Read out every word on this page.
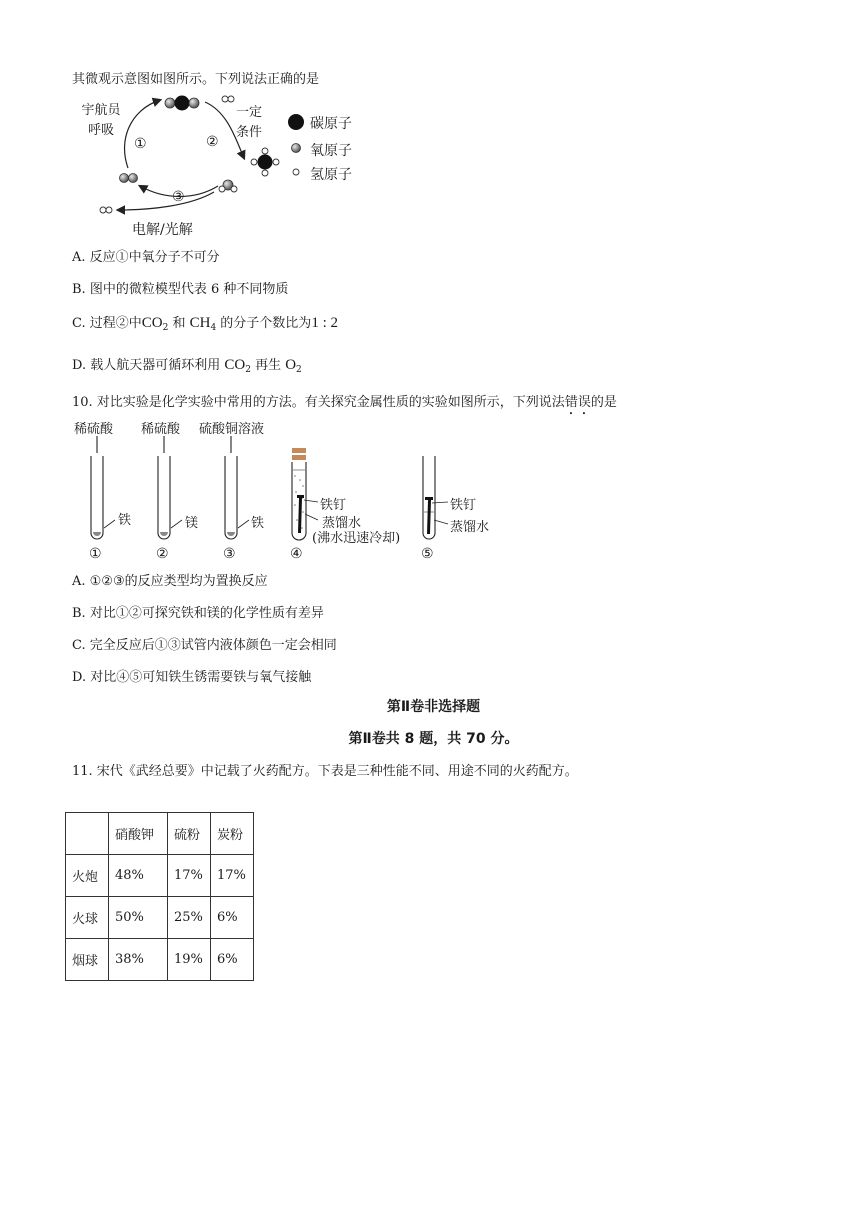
其微观示意图如图所示。下列说法正确的是
宇航员
呼吸
一定
条件
①	②
③
电解/光解
碳原子
氧原子
氢原子
A. 反应①中氧分子不可分
B. 图中的微粒模型代表 6 种不同物质
C. 过程②中$CO_2$ 和 $CH_4$ 的分子个数比为1 : 2
D. 载人航天器可循环利用 $CO_2$ 再生 $O_2$
10. 对比实验是化学实验中常用的方法。有关探究金属性质的实验如图所示，下列说法错误的是
稀硫酸 稀硫酸 硫酸铜溶液
铁	镁	铁
铁钉
蒸馏水
(沸水迅速冷却)
铁钉
蒸馏水
①	②	③	④	⑤
A. ①②③的反应类型均为置换反应
B. 对比①②可探究铁和镁的化学性质有差异
C. 完全反应后①③试管内液体颜色一定会相同
D. 对比④⑤可知铁生锈需要铁与氧气接触
第Ⅱ卷非选择题
第Ⅱ卷共 8 题，共 70 分。
11. 宋代《武经总要》中记载了火药配方。下表是三种性能不同、用途不同的火药配方。
	硝酸钾	硫粉	炭粉
火炮	48%	17%	17%
火球	50%	25%	6%
烟球	38%	19%	6%
